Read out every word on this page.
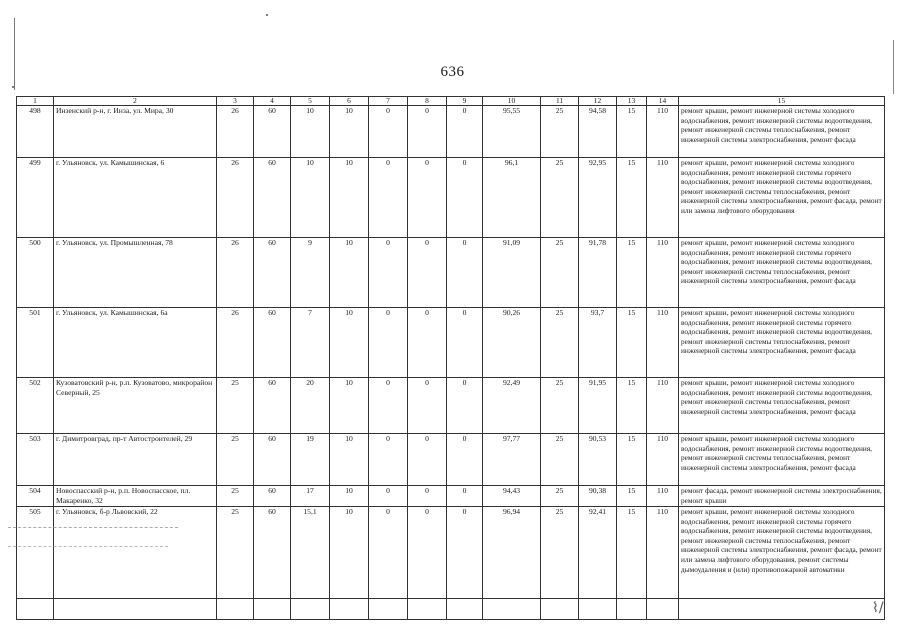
636
1	2	3	4	5	6	7	8	9	10	11	12	13	14	15
498	Инзенский р-н, г. Инза, ул. Мира, 30	26	60	10	10	0	0	0	95,55	25	94,58	15	110	ремонт крыши, ремонт инженерной системы холодного водоснабжения, ремонт инженерной системы водоотведения, ремонт инженерной системы теплоснабжения, ремонт инженерной системы электроснабжения, ремонт фасада
499	г. Ульяновск, ул. Камышинская, 6	26	60	10	10	0	0	0	96,1	25	92,95	15	110	ремонт крыши, ремонт инженерной системы холодного водоснабжения, ремонт инженерной системы горячего водоснабжения, ремонт инженерной системы водоотведения, ремонт инженерной системы теплоснабжения, ремонт инженерной системы электроснабжения, ремонт фасада, ремонт или замена лифтового оборудования
500	г. Ульяновск, ул. Промышленная, 78	26	60	9	10	0	0	0	91,09	25	91,78	15	110	ремонт крыши, ремонт инженерной системы холодного водоснабжения, ремонт инженерной системы горячего водоснабжения, ремонт инженерной системы водоотведения, ремонт инженерной системы теплоснабжения, ремонт инженерной системы электроснабжения, ремонт фасада
501	г. Ульяновск, ул. Камышинская, 6а	26	60	7	10	0	0	0	90,26	25	93,7	15	110	ремонт крыши, ремонт инженерной системы холодного водоснабжения, ремонт инженерной системы горячего водоснабжения, ремонт инженерной системы водоотведения, ремонт инженерной системы теплоснабжения, ремонт инженерной системы электроснабжения, ремонт фасада
502	Кузоватовский р-н, р.п. Кузоватово, микрорайон Северный, 25	25	60	20	10	0	0	0	92,49	25	91,95	15	110	ремонт крыши, ремонт инженерной системы холодного водоснабжения, ремонт инженерной системы водоотведения, ремонт инженерной системы теплоснабжения, ремонт инженерной системы электроснабжения, ремонт фасада
503	г. Димитровград, пр-т Автостроителей, 29	25	60	19	10	0	0	0	97,77	25	90,53	15	110	ремонт крыши, ремонт инженерной системы холодного водоснабжения, ремонт инженерной системы водоотведения, ремонт инженерной системы теплоснабжения, ремонт инженерной системы электроснабжения, ремонт фасада
504	Новоспасский р-н, р.п. Новоспасское, пл. Макаренко, 32	25	60	17	10	0	0	0	94,43	25	90,38	15	110	ремонт фасада, ремонт инженерной системы электроснабжения, ремонт крыши
505	г. Ульяновск, б-р Львовский, 22	25	60	15,1	10	0	0	0	96,94	25	92,41	15	110	ремонт крыши, ремонт инженерной системы холодного водоснабжения, ремонт инженерной системы горячего водоснабжения, ремонт инженерной системы водоотведения, ремонт инженерной системы теплоснабжения, ремонт инженерной системы электроснабжения, ремонт фасада, ремонт или замена лифтового оборудования, ремонт системы дымоудаления и (или) противопожарной автоматики

⌇/
